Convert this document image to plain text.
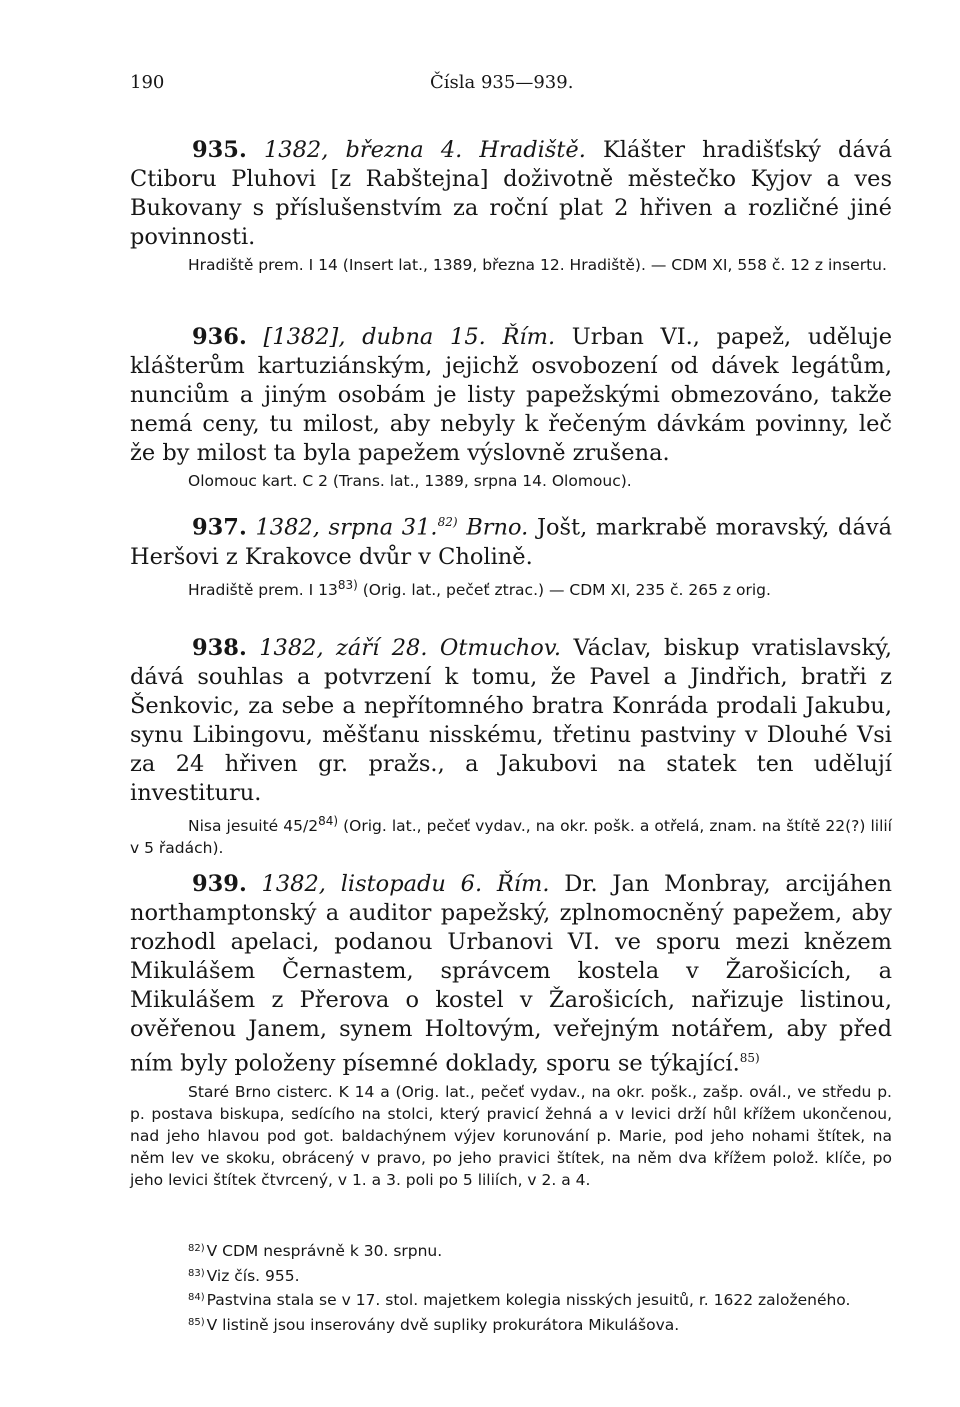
190	Čísla 935—939.
935. 1382, března 4. Hradiště. Klášter hradišťský dává Ctiboru Pluhovi [z Rabštejna] doživotně městečko Kyjov a ves Bukovany s příslušenstvím za roční plat 2 hřiven a rozličné jiné povinnosti.
Hradiště prem. I 14 (Insert lat., 1389, března 12. Hradiště). — CDM XI, 558 č. 12 z insertu.
936. [1382], dubna 15. Řím. Urban VI., papež, uděluje klášterům kartuziánským, jejichž osvobození od dávek legátům, nunciům a jiným osobám je listy papežskými obmezováno, takže nemá ceny, tu milost, aby nebyly k řečeným dávkám povinny, leč že by milost ta byla papežem výslovně zrušena.
Olomouc kart. C 2 (Trans. lat., 1389, srpna 14. Olomouc).
937. 1382, srpna 31.$^{82)}$ Brno. Jošt, markrabě moravský, dává Heršovi z Krakovce dvůr v Cholině.
Hradiště prem. I 13$^{83)}$ (Orig. lat., pečeť ztrac.) — CDM XI, 235 č. 265 z orig.
938. 1382, září 28. Otmuchov. Václav, biskup vratislavský, dává souhlas a potvrzení k tomu, že Pavel a Jindřich, bratři z Šenkovic, za sebe a nepřítomného bratra Konráda prodali Jakubu, synu Libingovu, měšťanu nisskému, třetinu pastviny v Dlouhé Vsi za 24 hřiven gr. pražs., a Jakubovi na statek ten udělují investituru.
Nisa jesuité 45/2$^{84)}$ (Orig. lat., pečeť vydav., na okr. pošk. a otřelá, znam. na štítě 22(?) lilií v 5 řadách).
939. 1382, listopadu 6. Řím. Dr. Jan Monbray, arcijáhen northamptonský a auditor papežský, zplnomocněný papežem, aby rozhodl apelaci, podanou Urbanovi VI. ve sporu mezi knězem Mikulášem Černastem, správcem kostela v Žarošicích, a Mikulášem z Přerova o kostel v Žarošicích, nařizuje listinou, ověřenou Janem, synem Holtovým, veřejným notářem, aby před ním byly položeny písemné doklady, sporu se týkající.$^{85)}$
Staré Brno cisterc. K 14 a (Orig. lat., pečeť vydav., na okr. pošk., zašp. ovál., ve středu p. p. postava biskupa, sedícího na stolci, který pravicí žehná a v levici drží hůl křížem ukončenou, nad jeho hlavou pod got. baldachýnem výjev korunování p. Marie, pod jeho nohami štítek, na něm lev ve skoku, obrácený v pravo, po jeho pravici štítek, na něm dva křížem polož. klíče, po jeho levici štítek čtvrcený, v 1. a 3. poli po 5 liliích, v 2. a 4.
$^{82)}$ V CDM nesprávně k 30. srpnu.
$^{83)}$ Viz čís. 955.
$^{84)}$ Pastvina stala se v 17. stol. majetkem kolegia nisských jesuitů, r. 1622 založeného.
$^{85)}$ V listině jsou inserovány dvě supliky prokurátora Mikulášova.
